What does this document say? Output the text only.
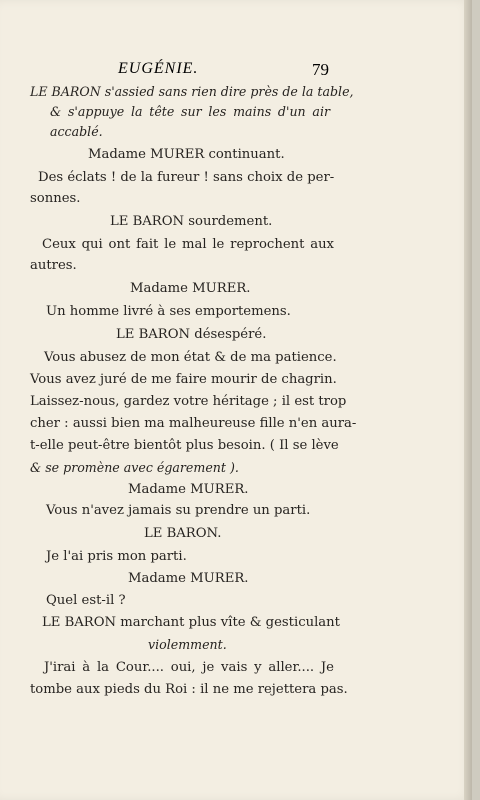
EUGÉNIE.	79
LE BARON s'assied sans rien dire près de la table,
& s'appuye la tête sur les mains d'un air
accablé.
Madame MURER continuant.
Des éclats ! de la fureur ! sans choix de per-
sonnes.
LE BARON sourdement.
Ceux qui ont fait le mal le reprochent aux
autres.
Madame MURER.
Un homme livré à ses emportemens.
LE BARON désespéré.
Vous abusez de mon état & de ma patience.
Vous avez juré de me faire mourir de chagrin.
Laissez-nous, gardez votre héritage ; il est trop
cher : aussi bien ma malheureuse fille n'en aura-
t-elle peut-être bientôt plus besoin. ( Il se lève
& se promène avec égarement ).
Madame MURER.
Vous n'avez jamais su prendre un parti.
LE BARON.
Je l'ai pris mon parti.
Madame MURER.
Quel est-il ?
LE BARON marchant plus vîte & gesticulant
violemment.
J'irai à la Cour.... oui, je vais y aller.... Je
tombe aux pieds du Roi : il ne me rejettera pas.
